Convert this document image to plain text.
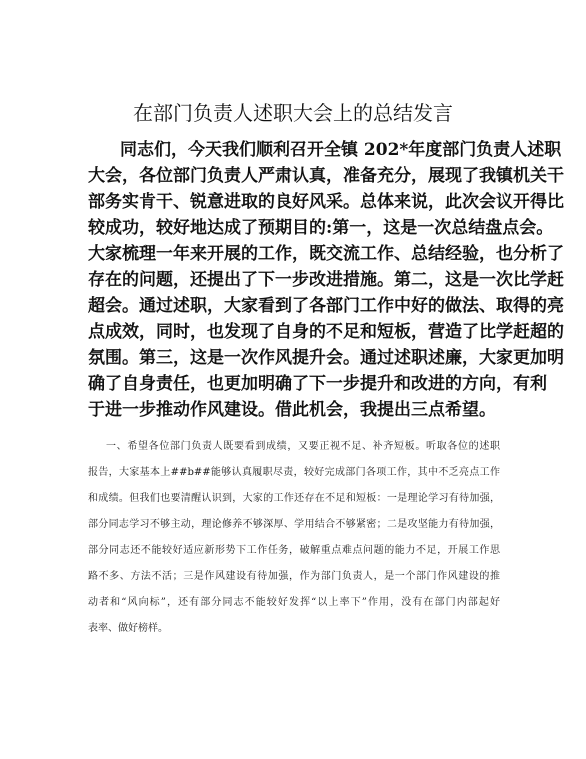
在部门负责人述职大会上的总结发言
同志们，今天我们顺利召开全镇 202*年度部门负责人述职
大会，各位部门负责人严肃认真，准备充分，展现了我镇机关干
部务实肯干、锐意进取的良好风采。总体来说，此次会议开得比
较成功，较好地达成了预期目的:第一，这是一次总结盘点会。
大家梳理一年来开展的工作，既交流工作、总结经验，也分析了
存在的问题，还提出了下一步改进措施。第二，这是一次比学赶
超会。通过述职，大家看到了各部门工作中好的做法、取得的亮
点成效，同时，也发现了自身的不足和短板，营造了比学赶超的
氛围。第三，这是一次作风提升会。通过述职述廉，大家更加明
确了自身责任，也更加明确了下一步提升和改进的方向，有利
于进一步推动作风建设。借此机会，我提出三点希望。
一、希望各位部门负责人既要看到成绩，又要正视不足、补齐短板。听取各位的述职
报告，大家基本上##b##能够认真履职尽责，较好完成部门各项工作，其中不乏亮点工作
和成绩。但我们也要清醒认识到，大家的工作还存在不足和短板：一是理论学习有待加强，
部分同志学习不够主动，理论修养不够深厚、学用结合不够紧密；二是攻坚能力有待加强，
部分同志还不能较好适应新形势下工作任务，破解重点难点问题的能力不足，开展工作思
路不多、方法不活；三是作风建设有待加强，作为部门负责人，是一个部门作风建设的推
动者和“风向标”，还有部分同志不能较好发挥“以上率下”作用，没有在部门内部起好
表率、做好榜样。
